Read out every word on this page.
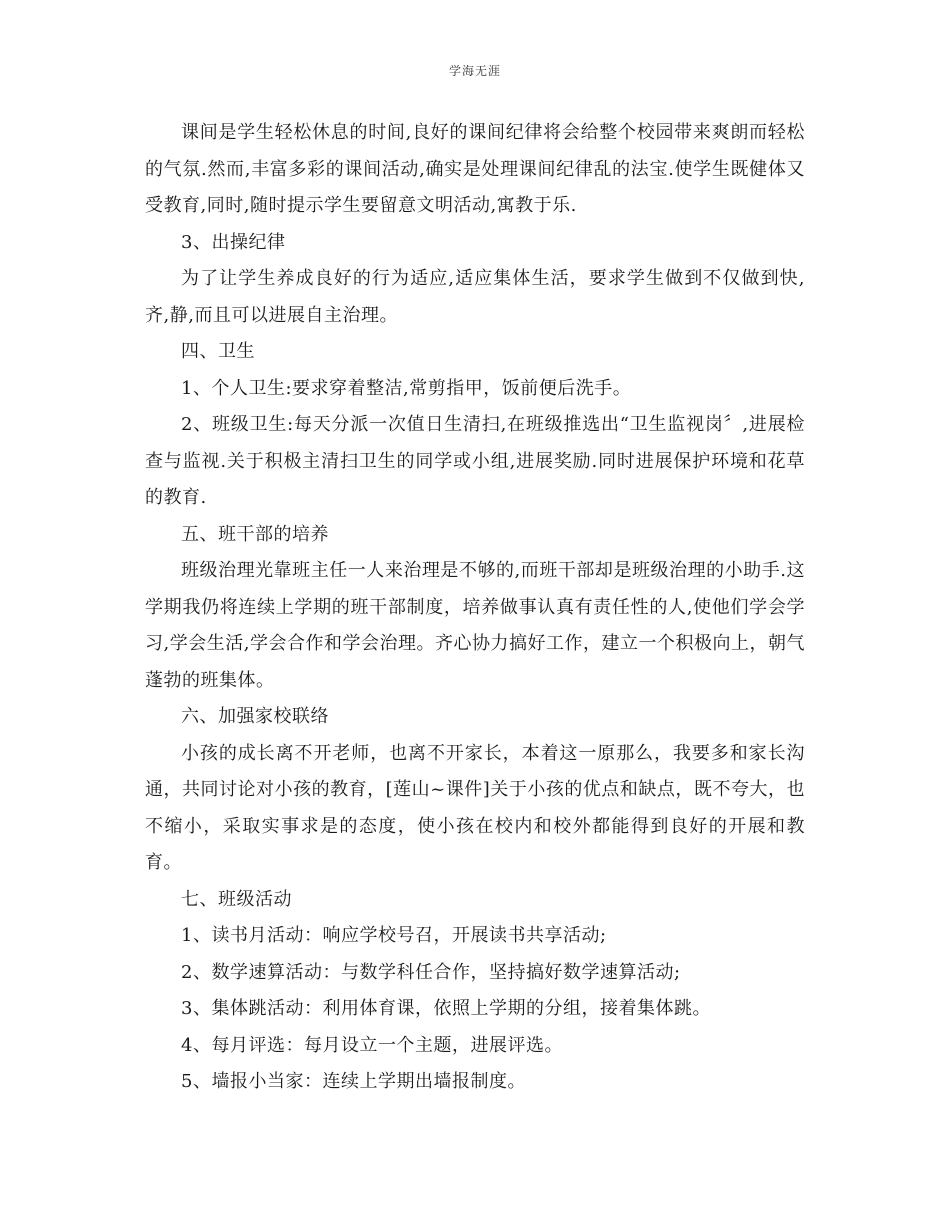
学海无涯

课间是学生轻松休息的时间,良好的课间纪律将会给整个校园带来爽朗而轻松的气氛.然而,丰富多彩的课间活动,确实是处理课间纪律乱的法宝.使学生既健体又受教育,同时,随时提示学生要留意文明活动,寓教于乐.

3、出操纪律

为了让学生养成良好的行为适应,适应集体生活，要求学生做到不仅做到快,齐,静,而且可以进展自主治理。

四、卫生

1、个人卫生:要求穿着整洁,常剪指甲，饭前便后洗手。

2、班级卫生:每天分派一次值日生清扫,在班级推选出“卫生监视岗〞,进展检查与监视.关于积极主清扫卫生的同学或小组,进展奖励.同时进展保护环境和花草的教育.

五、班干部的培养

班级治理光靠班主任一人来治理是不够的,而班干部却是班级治理的小助手.这学期我仍将连续上学期的班干部制度，培养做事认真有责任性的人,使他们学会学习,学会生活,学会合作和学会治理。齐心协力搞好工作，建立一个积极向上，朝气蓬勃的班集体。

六、加强家校联络

小孩的成长离不开老师，也离不开家长，本着这一原那么，我要多和家长沟通，共同讨论对小孩的教育，[莲山~课件]关于小孩的优点和缺点，既不夸大，也不缩小，采取实事求是的态度，使小孩在校内和校外都能得到良好的开展和教育。

七、班级活动

1、读书月活动：响应学校号召，开展读书共享活动;

2、数学速算活动：与数学科任合作，坚持搞好数学速算活动;

3、集体跳活动：利用体育课，依照上学期的分组，接着集体跳。

4、每月评选：每月设立一个主题，进展评选。

5、墙报小当家：连续上学期出墙报制度。
